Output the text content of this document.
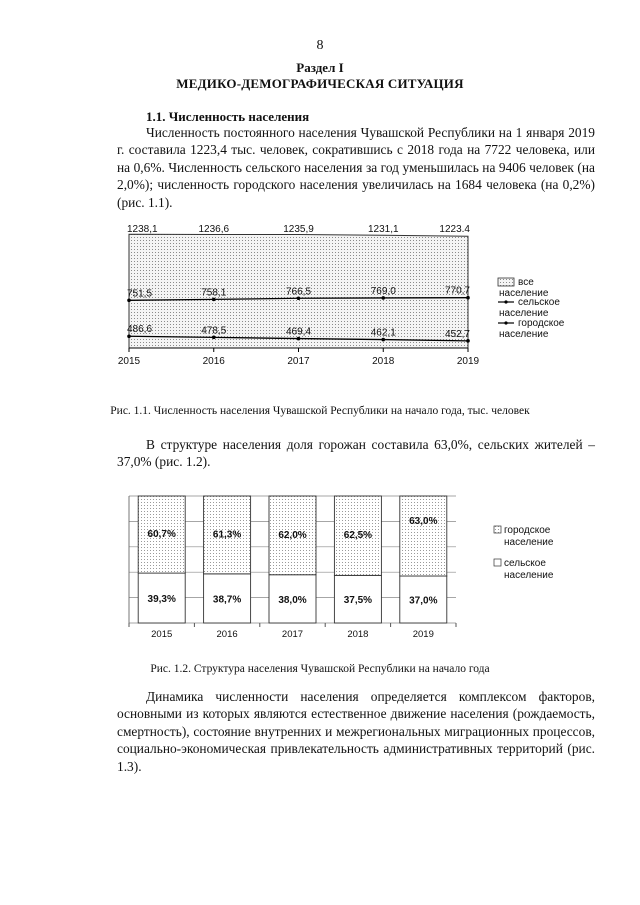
8
Раздел I
МЕДИКО-ДЕМОГРАФИЧЕСКАЯ СИТУАЦИЯ
1.1. Численность населения

Численность постоянного населения Чувашской Республики на 1 января 2019 г. составила 1223,4 тыс. человек, сократившись с 2018 года на 7722 человека, или на 0,6%. Численность сельского населения за год уменьшилась на 9406 человек (на 2,0%); численность городского населения увеличилась на 1684 человека (на 0,2%) (рис. 1.1).

1238,1	1236,6	1235,9	1231,1	1223.4
751,5	758,1	766,5	769,0	770,7
486,6	478,5	469,4	462,1	452,7
2015	2016	2017	2018	2019
все
население
сельское
население
городское
население
Рис. 1.1. Численность населения Чувашской Республики на начало года, тыс. человек

В структуре населения доля горожан составила 63,0%, сельских жителей – 37,0% (рис. 1.2).

39,3%
60,7%
38,7%
61,3%
38,0%
62,0%
37,5%
62,5%
37,0%
63,0%
2015	2016	2017	2018	2019
городское
население
сельское
население
Рис. 1.2. Структура населения Чувашской Республики на начало года

Динамика численности населения определяется комплексом факторов, основными из которых являются естественное движение населения (рождаемость, смертность), состояние внутренних и межрегиональных миграционных процессов, социально-экономическая привлекательность административных территорий (рис. 1.3).
